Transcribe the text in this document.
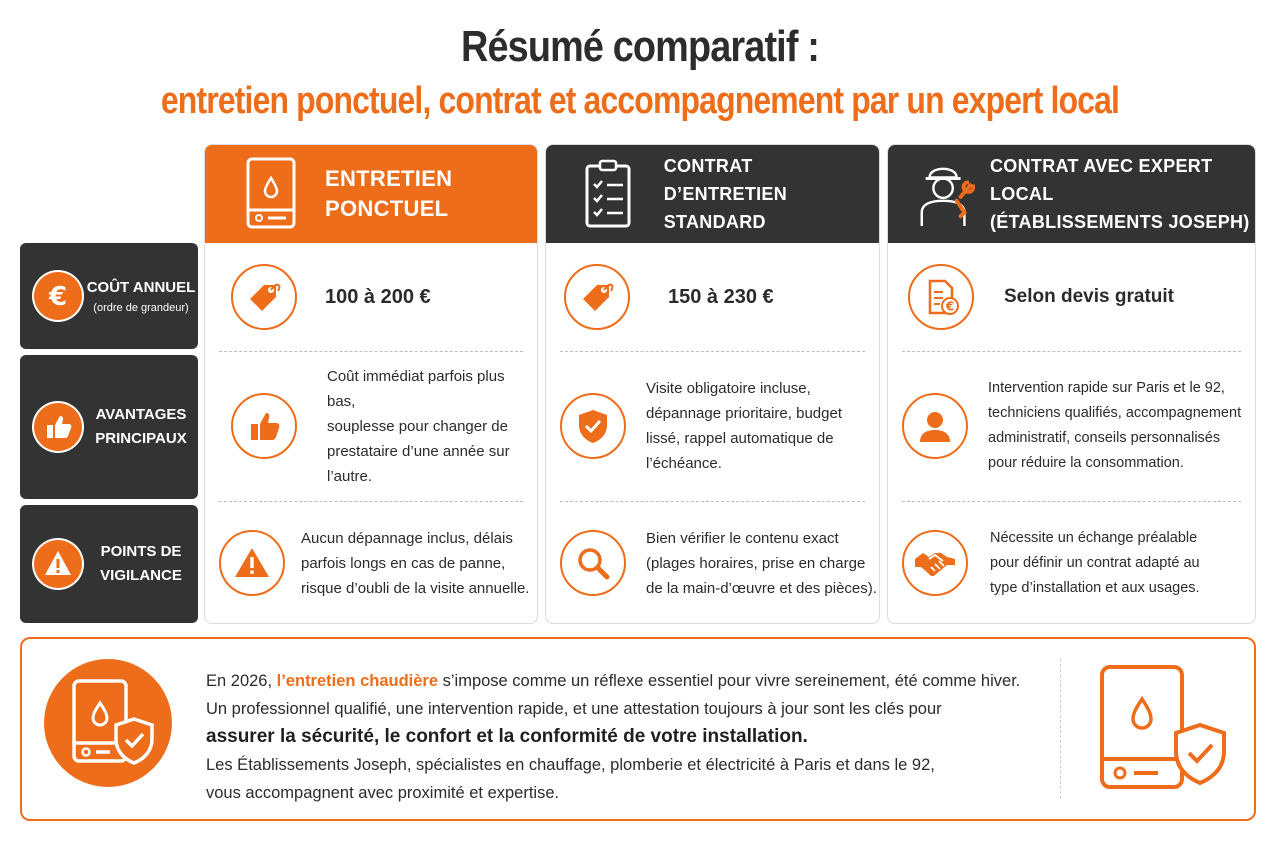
Résumé comparatif :
entretien ponctuel, contrat et accompagnement par un expert local
€ COÛT ANNUEL
(ordre de grandeur)
AVANTAGES
PRINCIPAUX
POINTS DE
VIGILANCE
ENTRETIEN
PONCTUEL
100 à 200 €
Coût immédiat parfois plus bas,
souplesse pour changer de
prestataire d’une année sur l’autre.
Aucun dépannage inclus, délais
parfois longs en cas de panne,
risque d’oubli de la visite annuelle.
CONTRAT
D’ENTRETIEN STANDARD
150 à 230 €
Visite obligatoire incluse,
dépannage prioritaire, budget
lissé, rappel automatique de
l’échéance.
Bien vérifier le contenu exact
(plages horaires, prise en charge
de la main-d’œuvre et des pièces).
CONTRAT AVEC EXPERT LOCAL
(ÉTABLISSEMENTS JOSEPH)
€	Selon devis gratuit
Intervention rapide sur Paris et le 92,
techniciens qualifiés, accompagnement
administratif, conseils personnalisés
pour réduire la consommation.
Nécessite un échange préalable
pour définir un contrat adapté au
type d’installation et aux usages.
En 2026, l’entretien chaudière s’impose comme un réflexe essentiel pour vivre sereinement, été comme hiver.
Un professionnel qualifié, une intervention rapide, et une attestation toujours à jour sont les clés pour
assurer la sécurité, le confort et la conformité de votre installation.
Les Établissements Joseph, spécialistes en chauffage, plomberie et électricité à Paris et dans le 92,
vous accompagnent avec proximité et expertise.
